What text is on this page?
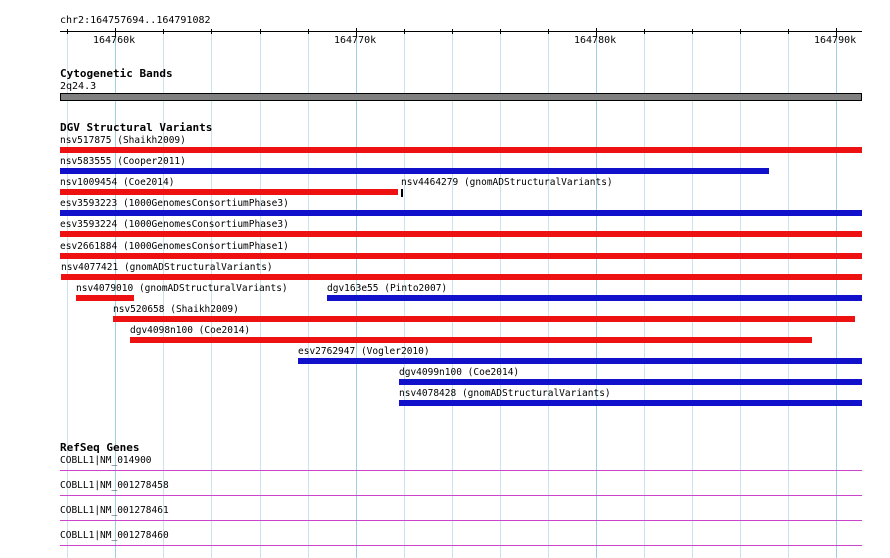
chr2:164757694..164791082
164760k	164770k	164780k	164790k
Cytogenetic Bands
2q24.3
DGV Structural Variants
nsv517875 (Shaikh2009)
nsv583555 (Cooper2011)
nsv1009454 (Coe2014)	nsv4464279 (gnomADStructuralVariants)
esv3593223 (1000GenomesConsortiumPhase3)
esv3593224 (1000GenomesConsortiumPhase3)
esv2661884 (1000GenomesConsortiumPhase1)
nsv4077421 (gnomADStructuralVariants)
nsv4079010 (gnomADStructuralVariants)	dgv163e55 (Pinto2007)
nsv520658 (Shaikh2009)
dgv4098n100 (Coe2014)
esv2762947 (Vogler2010)
dgv4099n100 (Coe2014)
nsv4078428 (gnomADStructuralVariants)
RefSeq Genes
COBLL1|NM_014900
COBLL1|NM_001278458
COBLL1|NM_001278461
COBLL1|NM_001278460
